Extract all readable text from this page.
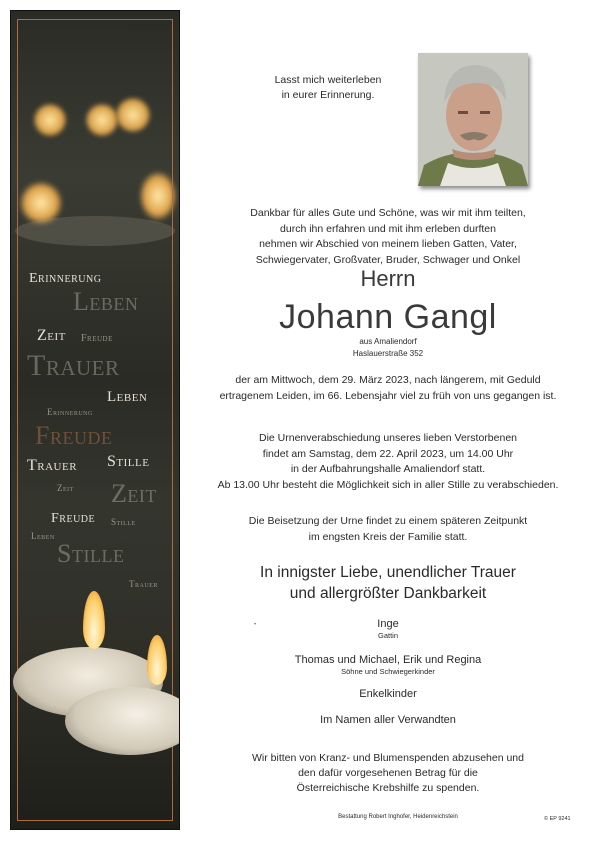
Erinnerung
Leben
Zeit Freude
Trauer
Leben
Erinnerung
Freude
Trauer Stille
Zeit Zeit
Freude Stille
Leben
Stille
Trauer
Lasst mich weiterleben
in eurer Erinnerung.
Dankbar für alles Gute und Schöne, was wir mit ihm teilten,
durch ihn erfahren und mit ihm erleben durften
nehmen wir Abschied von meinem lieben Gatten, Vater,
Schwiegervater, Großvater, Bruder, Schwager und Onkel
Herrn
Johann Gangl
aus Amaliendorf
Haslauerstraße 352
der am Mittwoch, dem 29. März 2023, nach längerem, mit Geduld
ertragenem Leiden, im 66. Lebensjahr viel zu früh von uns gegangen ist.
Die Urnenverabschiedung unseres lieben Verstorbenen
findet am Samstag, dem 22. April 2023, um 14.00 Uhr
in der Aufbahrungshalle Amaliendorf statt.
Ab 13.00 Uhr besteht die Möglichkeit sich in aller Stille zu verabschieden.
Die Beisetzung der Urne findet zu einem späteren Zeitpunkt
im engsten Kreis der Familie statt.
In innigster Liebe, unendlicher Trauer
und allergrößter Dankbarkeit
•	Inge
Gattin
Thomas und Michael, Erik und Regina
Söhne und Schwiegerkinder
Enkelkinder
Im Namen aller Verwandten
Wir bitten von Kranz- und Blumenspenden abzusehen und
den dafür vorgesehenen Betrag für die
Österreichische Krebshilfe zu spenden.
Bestattung Robert Inghofer, Heidenreichstein	© EP 9241
